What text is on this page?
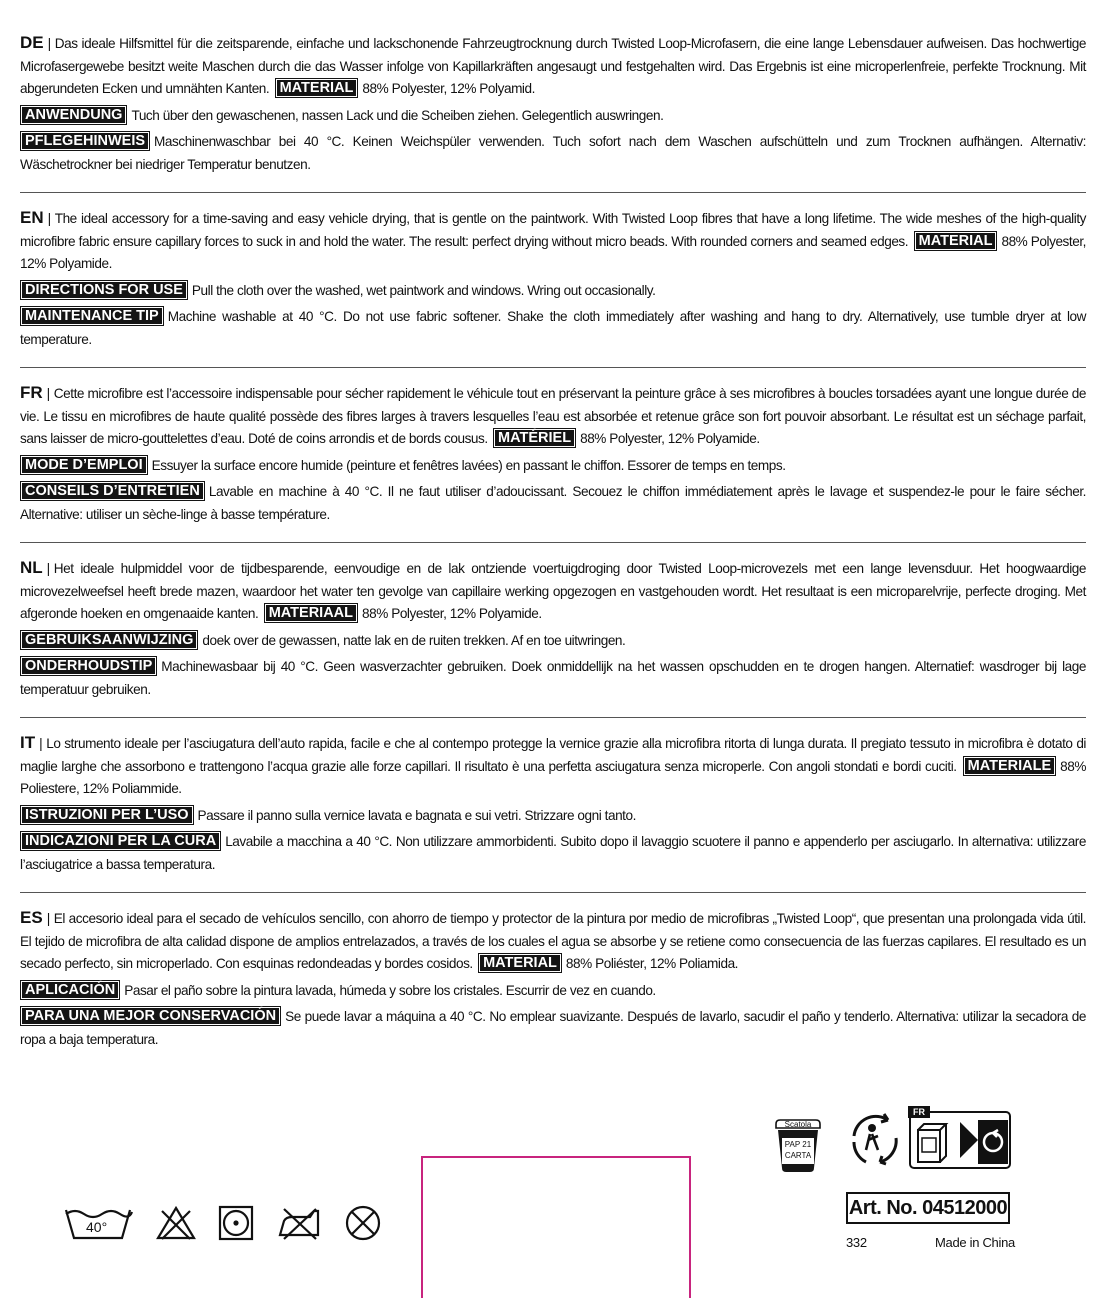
DE | Das ideale Hilfsmittel für die zeitsparende, einfache und lackschonende Fahrzeugtrocknung durch Twisted Loop-Microfasern, die eine lange Lebensdauer aufweisen. Das hochwertige Microfasergewebe besitzt weite Maschen durch die das Wasser infolge von Kapillarkräften angesaugt und festgehalten wird. Das Ergebnis ist eine microperlenfreie, perfekte Trocknung. Mit abgerundeten Ecken und umnähten Kanten. MATERIAL 88% Polyester, 12% Polyamid.

ANWENDUNG Tuch über den gewaschenen, nassen Lack und die Scheiben ziehen. Gelegentlich auswringen.

PFLEGEHINWEIS Maschinenwaschbar bei 40 °C. Keinen Weichspüler verwenden. Tuch sofort nach dem Waschen aufschütteln und zum Trocknen aufhängen. Alternativ: Wäschetrockner bei niedriger Temperatur benutzen.

EN | The ideal accessory for a time-saving and easy vehicle drying, that is gentle on the paintwork. With Twisted Loop fibres that have a long lifetime. The wide meshes of the high-quality microfibre fabric ensure capillary forces to suck in and hold the water. The result: perfect drying without micro beads. With rounded corners and seamed edges. MATERIAL 88% Polyester, 12% Polyamide.

DIRECTIONS FOR USE Pull the cloth over the washed, wet paintwork and windows. Wring out occasionally.

MAINTENANCE TIP Machine washable at 40 °C. Do not use fabric softener. Shake the cloth immediately after washing and hang to dry. Alternatively, use tumble dryer at low temperature.

FR | Cette microfibre est l’accessoire indispensable pour sécher rapidement le véhicule tout en préservant la peinture grâce à ses microfibres à boucles torsadées ayant une longue durée de vie. Le tissu en microfibres de haute qualité possède des fibres larges à travers lesquelles l’eau est absorbée et retenue grâce son fort pouvoir absorbant. Le résultat est un séchage parfait, sans laisser de micro-gouttelettes d’eau. Doté de coins arrondis et de bords cousus. MATÉRIEL 88% Polyester, 12% Polyamide.

MODE D’EMPLOI Essuyer la surface encore humide (peinture et fenêtres lavées) en passant le chiffon. Essorer de temps en temps.

CONSEILS D’ENTRETIEN Lavable en machine à 40 °C. Il ne faut utiliser d’adoucissant. Secouez le chiffon immédiatement après le lavage et suspendez-le pour le faire sécher. Alternative: utiliser un sèche-linge à basse température.

NL | Het ideale hulpmiddel voor de tijdbesparende, eenvoudige en de lak ontziende voertuigdroging door Twisted Loop-microvezels met een lange levensduur. Het hoogwaardige microvezelweefsel heeft brede mazen, waardoor het water ten gevolge van capillaire werking opgezogen en vastgehouden wordt. Het resultaat is een microparelvrije, perfecte droging. Met afgeronde hoeken en omgenaaide kanten. MATERIAAL 88% Polyester, 12% Polyamide.

GEBRUIKSAANWIJZING doek over de gewassen, natte lak en de ruiten trekken. Af en toe uitwringen.

ONDERHOUDSTIP Machinewasbaar bij 40 °C. Geen wasverzachter gebruiken. Doek onmiddellijk na het wassen opschudden en te drogen hangen. Alternatief: wasdroger bij lage temperatuur gebruiken.

IT | Lo strumento ideale per l’asciugatura dell’auto rapida, facile e che al contempo protegge la vernice grazie alla microfibra ritorta di lunga durata. Il pregiato tessuto in microfibra è dotato di maglie larghe che assorbono e trattengono l’acqua grazie alle forze capillari. Il risultato è una perfetta asciugatura senza microperle. Con angoli stondati e bordi cuciti. MATERIALE 88% Poliestere, 12% Poliammide.

ISTRUZIONI PER L’USO Passare il panno sulla vernice lavata e bagnata e sui vetri. Strizzare ogni tanto.

INDICAZIONI PER LA CURA Lavabile a macchina a 40 °C. Non utilizzare ammorbidenti. Subito dopo il lavaggio scuotere il panno e appenderlo per asciugarlo. In alternativa: utilizzare l’asciugatrice a bassa temperatura.

ES | El accesorio ideal para el secado de vehículos sencillo, con ahorro de tiempo y protector de la pintura por medio de microfibras „Twisted Loop“, que presentan una prolongada vida útil. El tejido de microfibra de alta calidad dispone de amplios entrelazados, a través de los cuales el agua se absorbe y se retiene como consecuencia de las fuerzas capilares. El resultado es un secado perfecto, sin microperlado. Con esquinas redondeadas y bordes cosidos. MATERIAL 88% Poliéster, 12% Poliamida.

APLICACIÓN Pasar el paño sobre la pintura lavada, húmeda y sobre los cristales. Escurrir de vez en cuando.

PARA UNA MEJOR CONSERVACIÓN Se puede lavar a máquina a 40 °C. No emplear suavizante. Después de lavarlo, sacudir el paño y tenderlo. Alternativa: utilizar la secadora de ropa a baja temperatura.

40°
Scatola
PAP 21
CARTA
FR
Art. No. 04512000
332	Made in China
